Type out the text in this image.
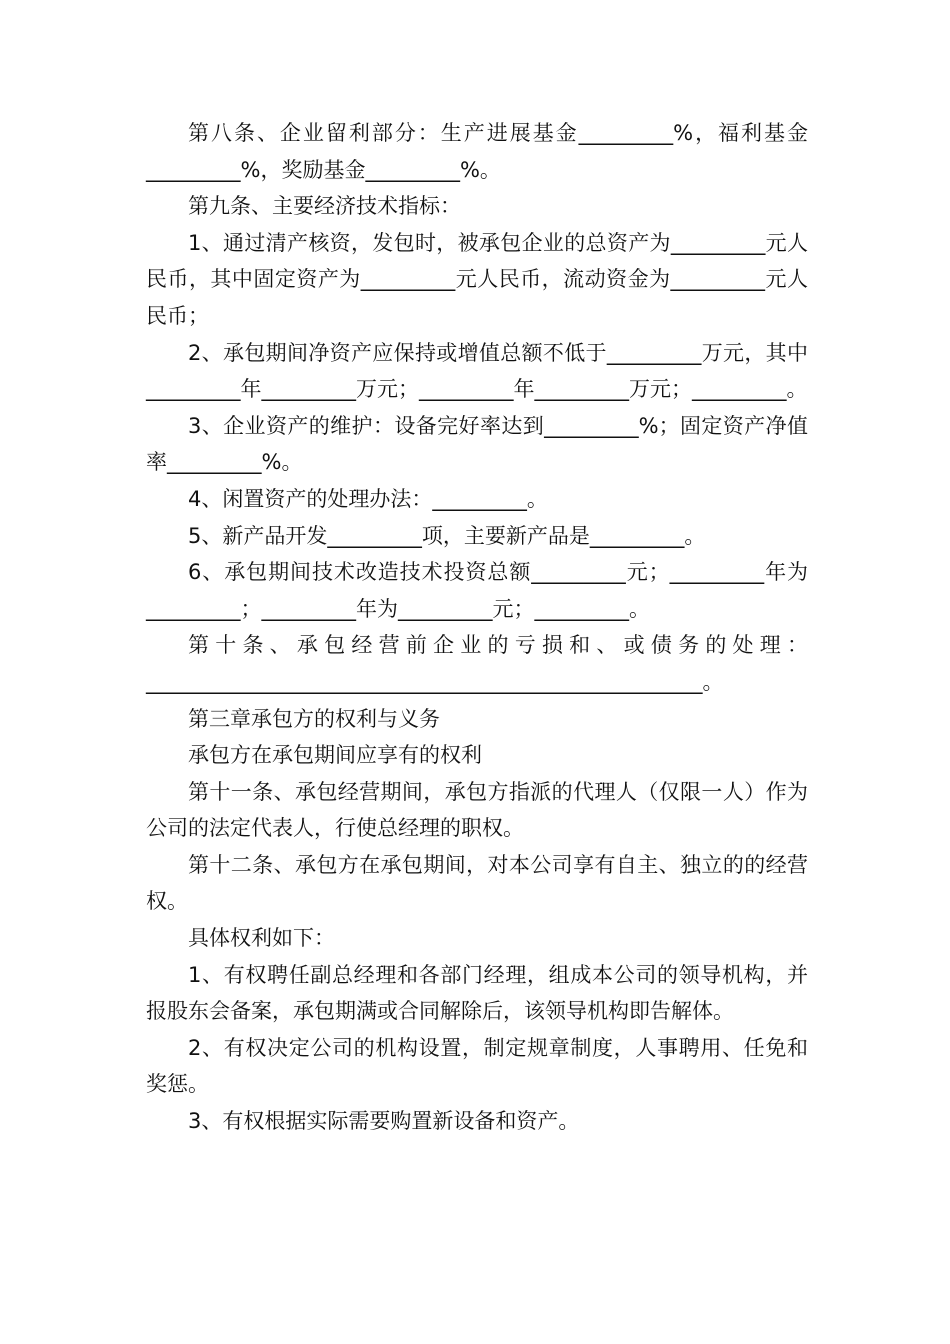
第八条、企业留利部分：生产进展基金_________%，福利基金_________%，奖励基金_________%。

第九条、主要经济技术指标：

1、通过清产核资，发包时，被承包企业的总资产为_________元人民币，其中固定资产为_________元人民币，流动资金为_________元人民币；

2、承包期间净资产应保持或增值总额不低于_________万元，其中_________年_________万元；_________年_________万元；_________。

3、企业资产的维护：设备完好率达到_________%；固定资产净值率_________%。

4、闲置资产的处理办法：_________。

5、新产品开发_________项，主要新产品是_________。

6、承包期间技术改造技术投资总额_________元；_________年为_________；_________年为_________元；_________。

第十条、承包经营前企业的亏损和、或债务的处理：_____________________________________________________。

第三章承包方的权利与义务

承包方在承包期间应享有的权利

第十一条、承包经营期间，承包方指派的代理人（仅限一人）作为公司的法定代表人，行使总经理的职权。

第十二条、承包方在承包期间，对本公司享有自主、独立的的经营权。

具体权利如下：

1、有权聘任副总经理和各部门经理，组成本公司的领导机构，并报股东会备案，承包期满或合同解除后，该领导机构即告解体。

2、有权决定公司的机构设置，制定规章制度，人事聘用、任免和奖惩。

3、有权根据实际需要购置新设备和资产。
